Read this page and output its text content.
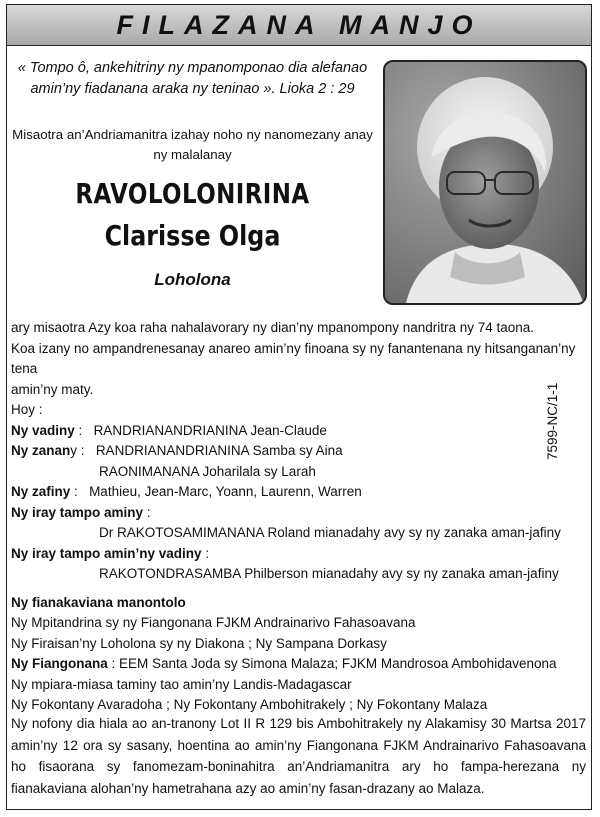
FILAZANA MANJO
« Tompo ô, ankehitriny ny mpanomponao dia alefanao
amin’ny fiadanana araka ny teninao ». Lioka 2 : 29
Misaotra an’Andriamanitra izahay noho ny nanomezany anay
ny malalanay
RAVOLOLONIRINA
Clarisse Olga
Loholona
7599-NC/1-1

ary misaotra Azy koa raha nahalavorary ny dian’ny mpanompony nandritra ny 74 taona.

Koa izany no ampandrenesanay anareo amin’ny finoana sy ny fanantenana ny hitsanganan’ny tena

amin’ny maty.

Hoy :

Ny vadiny :   RANDRIANANDRIANINA Jean-Claude

Ny zanany :   RANDRIANANDRIANINA Samba sy Aina

RAONIMANANA Joharilala sy Larah

Ny zafiny :   Mathieu, Jean-Marc, Yoann, Laurenn, Warren

Ny iray tampo aminy :

Dr RAKOTOSAMIMANANA Roland mianadahy avy sy ny zanaka aman-jafiny

Ny iray tampo amin’ny vadiny :

RAKOTONDRASAMBA Philberson mianadahy avy sy ny zanaka aman-jafiny

Ny fianakaviana manontolo

Ny Mpitandrina sy ny Fiangonana FJKM Andrainarivo Fahasoavana

Ny Firaisan’ny Loholona sy ny Diakona ; Ny Sampana Dorkasy

Ny Fiangonana : EEM Santa Joda sy Simona Malaza; FJKM Mandrosoa Ambohidavenona

Ny mpiara-miasa taminy tao amin’ny Landis-Madagascar

Ny Fokontany Avaradoha ; Ny Fokontany Ambohitrakely ; Ny Fokontany Malaza

Ny nofony dia hiala ao an-tranony Lot II R 129 bis Ambohitrakely ny Alakamisy 30 Martsa 2017 amin’ny 12 ora sy sasany, hoentina ao amin’ny Fiangonana FJKM Andrainarivo Fahasoavana ho fisaorana sy fanomezam-boninahitra an’Andriamanitra ary ho fampa-herezana ny fianakaviana alohan’ny hametrahana azy ao amin’ny fasan-drazany ao Malaza.
